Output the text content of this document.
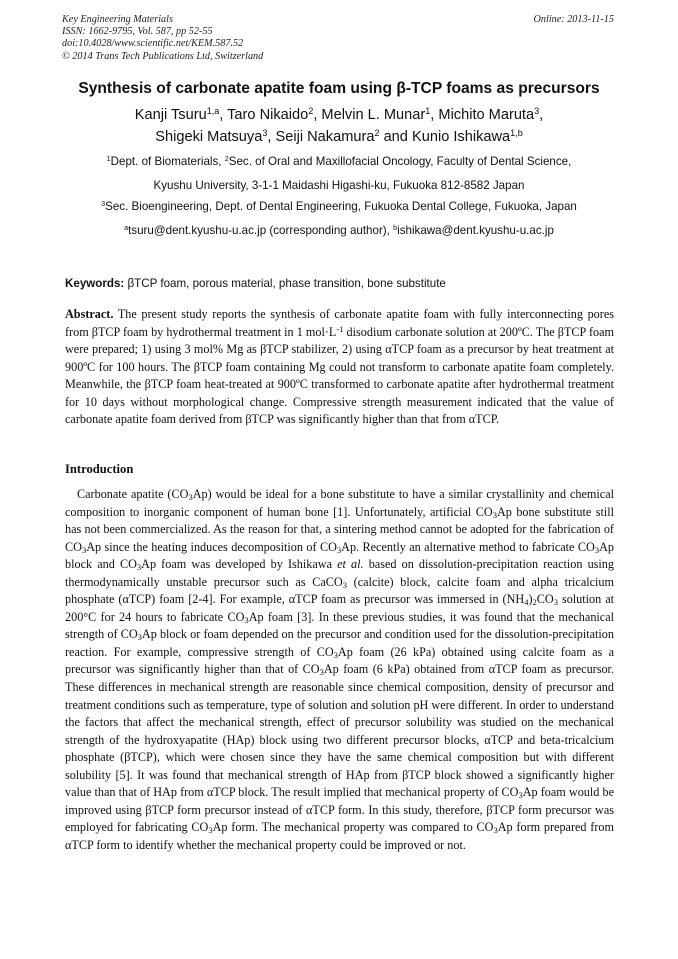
Key Engineering Materials
ISSN: 1662-9795, Vol. 587, pp 52-55
doi:10.4028/www.scientific.net/KEM.587.52
© 2014 Trans Tech Publications Ltd, Switzerland
Online: 2013-11-15
Synthesis of carbonate apatite foam using β-TCP foams as precursors
Kanji Tsuru$^{1,a}$, Taro Nikaido$^2$, Melvin L. Munar$^1$, Michito Maruta$^3$,
Shigeki Matsuya$^3$, Seiji Nakamura$^2$ and Kunio Ishikawa$^{1,b}$
$^1$Dept. of Biomaterials, $^2$Sec. of Oral and Maxillofacial Oncology, Faculty of Dental Science,
Kyushu University, 3-1-1 Maidashi Higashi-ku, Fukuoka 812-8582 Japan
$^3$Sec. Bioengineering, Dept. of Dental Engineering, Fukuoka Dental College, Fukuoka, Japan
$^a$tsuru@dent.kyushu-u.ac.jp (corresponding author), $^b$ishikawa@dent.kyushu-u.ac.jp
Keywords: βTCP foam, porous material, phase transition, bone substitute
Abstract. The present study reports the synthesis of carbonate apatite foam with fully interconnecting pores from βTCP foam by hydrothermal treatment in 1 $mol\cdot L^{-1}$ disodium carbonate solution at 200ºC. The βTCP foam were prepared; 1) using 3 mol% Mg as βTCP stabilizer, 2) using αTCP foam as a precursor by heat treatment at 900ºC for 100 hours. The βTCP foam containing Mg could not transform to carbonate apatite foam completely. Meanwhile, the βTCP foam heat-treated at 900ºC transformed to carbonate apatite after hydrothermal treatment for 10 days without morphological change. Compressive strength measurement indicated that the value of carbonate apatite foam derived from βTCP was significantly higher than that from αTCP.
Introduction
Carbonate apatite $(CO_3Ap)$ would be ideal for a bone substitute to have a similar crystallinity and chemical composition to inorganic component of human bone [1]. Unfortunately, artificial $CO_3Ap$ bone substitute still has not been commercialized. As the reason for that, a sintering method cannot be adopted for the fabrication of $CO_3Ap$ since the heating induces decomposition of $CO_3Ap$. Recently an alternative method to fabricate $CO_3Ap$ block and $CO_3Ap$ foam was developed by Ishikawa et al. based on dissolution-precipitation reaction using thermodynamically unstable precursor such as CaCO$_3$ (calcite) block, calcite foam and alpha tricalcium phosphate (αTCP) foam [2-4]. For example, αTCP foam as precursor was immersed in $(NH_4)_2CO_3$ solution at 200°C for 24 hours to fabricate $CO_3Ap$ foam [3]. In these previous studies, it was found that the mechanical strength of $CO_3Ap$ block or foam depended on the precursor and condition used for the dissolution-precipitation reaction. For example, compressive strength of $CO_3Ap$ foam (26 kPa) obtained using calcite foam as a precursor was significantly higher than that of $CO_3Ap$ foam (6 kPa) obtained from αTCP foam as precursor. These differences in mechanical strength are reasonable since chemical composition, density of precursor and treatment conditions such as temperature, type of solution and solution pH were different. In order to understand the factors that affect the mechanical strength, effect of precursor solubility was studied on the mechanical strength of the hydroxyapatite (HAp) block using two different precursor blocks, αTCP and beta-tricalcium phosphate (βTCP), which were chosen since they have the same chemical composition but with different solubility [5]. It was found that mechanical strength of HAp from βTCP block showed a significantly higher value than that of HAp from αTCP block. The result implied that mechanical property of $CO_3Ap$ foam would be improved using βTCP form precursor instead of αTCP form. In this study, therefore, βTCP form precursor was employed for fabricating $CO_3Ap$ form. The mechanical property was compared to $CO_3Ap$ form prepared from αTCP form to identify whether the mechanical property could be improved or not.
